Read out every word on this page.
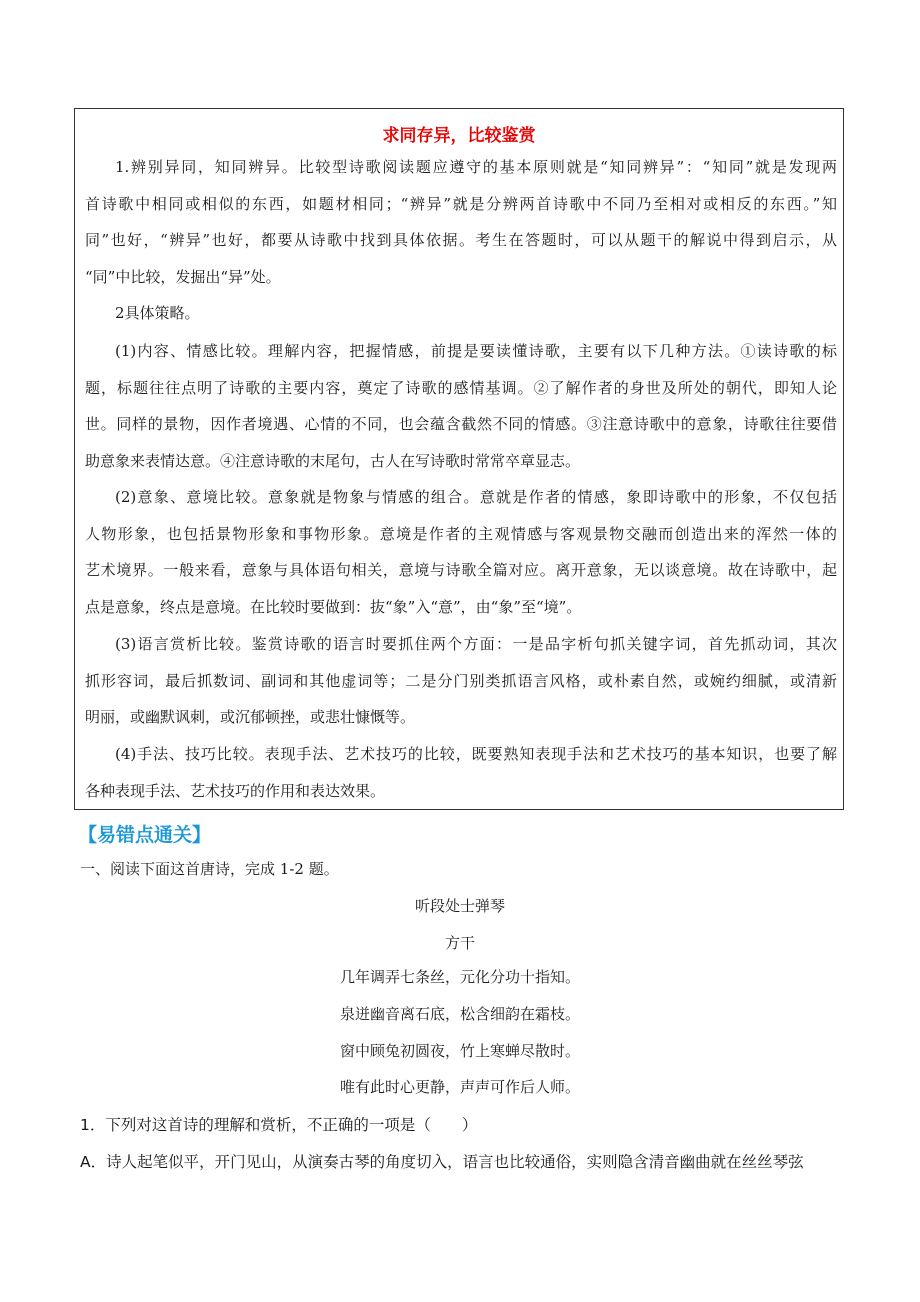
求同存异，比较鉴赏
1.辨别异同，知同辨异。比较型诗歌阅读题应遵守的基本原则就是“知同辨异”：“知同”就是发现两
首诗歌中相同或相似的东西，如题材相同；“辨异”就是分辨两首诗歌中不同乃至相对或相反的东西。”知
同”也好，“辨异”也好，都要从诗歌中找到具体依据。考生在答题时，可以从题干的解说中得到启示，从
“同”中比较，发掘出“异”处。
2具体策略。
(1)内容、情感比较。理解内容，把握情感，前提是要读懂诗歌，主要有以下几种方法。①读诗歌的标
题，标题往往点明了诗歌的主要内容，奠定了诗歌的感情基调。②了解作者的身世及所处的朝代，即知人论
世。同样的景物，因作者境遇、心情的不同，也会蕴含截然不同的情感。③注意诗歌中的意象，诗歌往往要借
助意象来表情达意。④注意诗歌的末尾句，古人在写诗歌时常常卒章显志。
(2)意象、意境比较。意象就是物象与情感的组合。意就是作者的情感，象即诗歌中的形象，不仅包括
人物形象，也包括景物形象和事物形象。意境是作者的主观情感与客观景物交融而创造出来的浑然一体的
艺术境界。一般来看，意象与具体语句相关，意境与诗歌全篇对应。离开意象，无以谈意境。故在诗歌中，起
点是意象，终点是意境。在比较时要做到：抜“象”入“意”，由“象”至“境”。
(3)语言赏析比较。鉴赏诗歌的语言时要抓住两个方面：一是品字析句抓关键字词，首先抓动词，其次
抓形容词，最后抓数词、副词和其他虚词等；二是分门别类抓语言风格，或朴素自然，或婉约细腻，或清新
明丽，或幽默讽刺，或沉郁顿挫，或悲壮慷慨等。
(4)手法、技巧比较。表现手法、艺术技巧的比较，既要熟知表现手法和艺术技巧的基本知识，也要了解
各种表现手法、艺术技巧的作用和表达效果。
【易错点通关】
一、阅读下面这首唐诗，完成 1-2 题。
听段处士弹琴
方干
几年调弄七条丝，元化分功十指知。
泉迸幽音离石底，松含细韵在霜枝。
窗中顾兔初圆夜，竹上寒蝉尽散时。
唯有此时心更静，声声可作后人师。
1．下列对这首诗的理解和赏析，不正确的一项是（　　）
A．诗人起笔似平，开门见山，从演奏古琴的角度切入，语言也比较通俗，实则隐含清音幽曲就在丝丝琴弦
